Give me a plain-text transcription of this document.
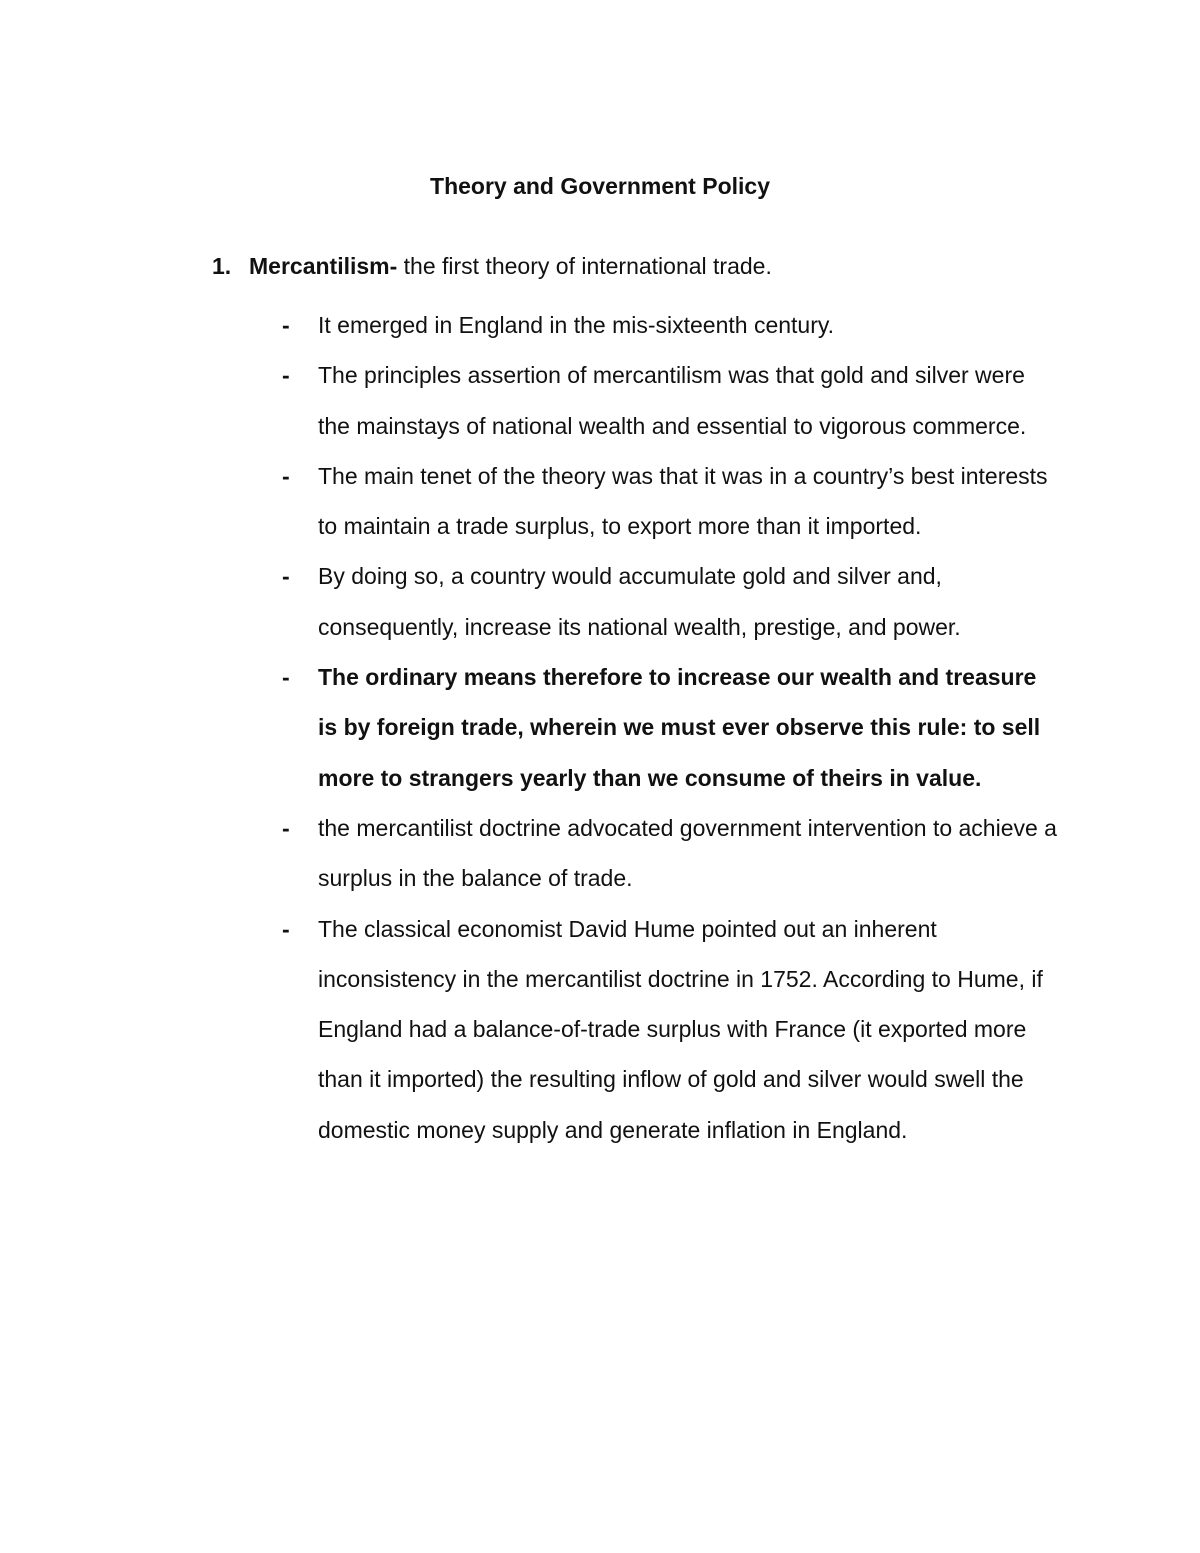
Theory and Government Policy
1. Mercantilism- the first theory of international trade.
- It emerged in England in the mis-sixteenth century.
- The principles assertion of mercantilism was that gold and silver were the mainstays of national wealth and essential to vigorous commerce.
- The main tenet of the theory was that it was in a country’s best interests to maintain a trade surplus, to export more than it imported.
- By doing so, a country would accumulate gold and silver and, consequently, increase its national wealth, prestige, and power.
- The ordinary means therefore to increase our wealth and treasure is by foreign trade, wherein we must ever observe this rule: to sell more to strangers yearly than we consume of theirs in value.
- the mercantilist doctrine advocated government intervention to achieve a surplus in the balance of trade.
- The classical economist David Hume pointed out an inherent inconsistency in the mercantilist doctrine in 1752. According to Hume, if England had a balance-of-trade surplus with France (it exported more than it imported) the resulting inflow of gold and silver would swell the domestic money supply and generate inflation in England.
